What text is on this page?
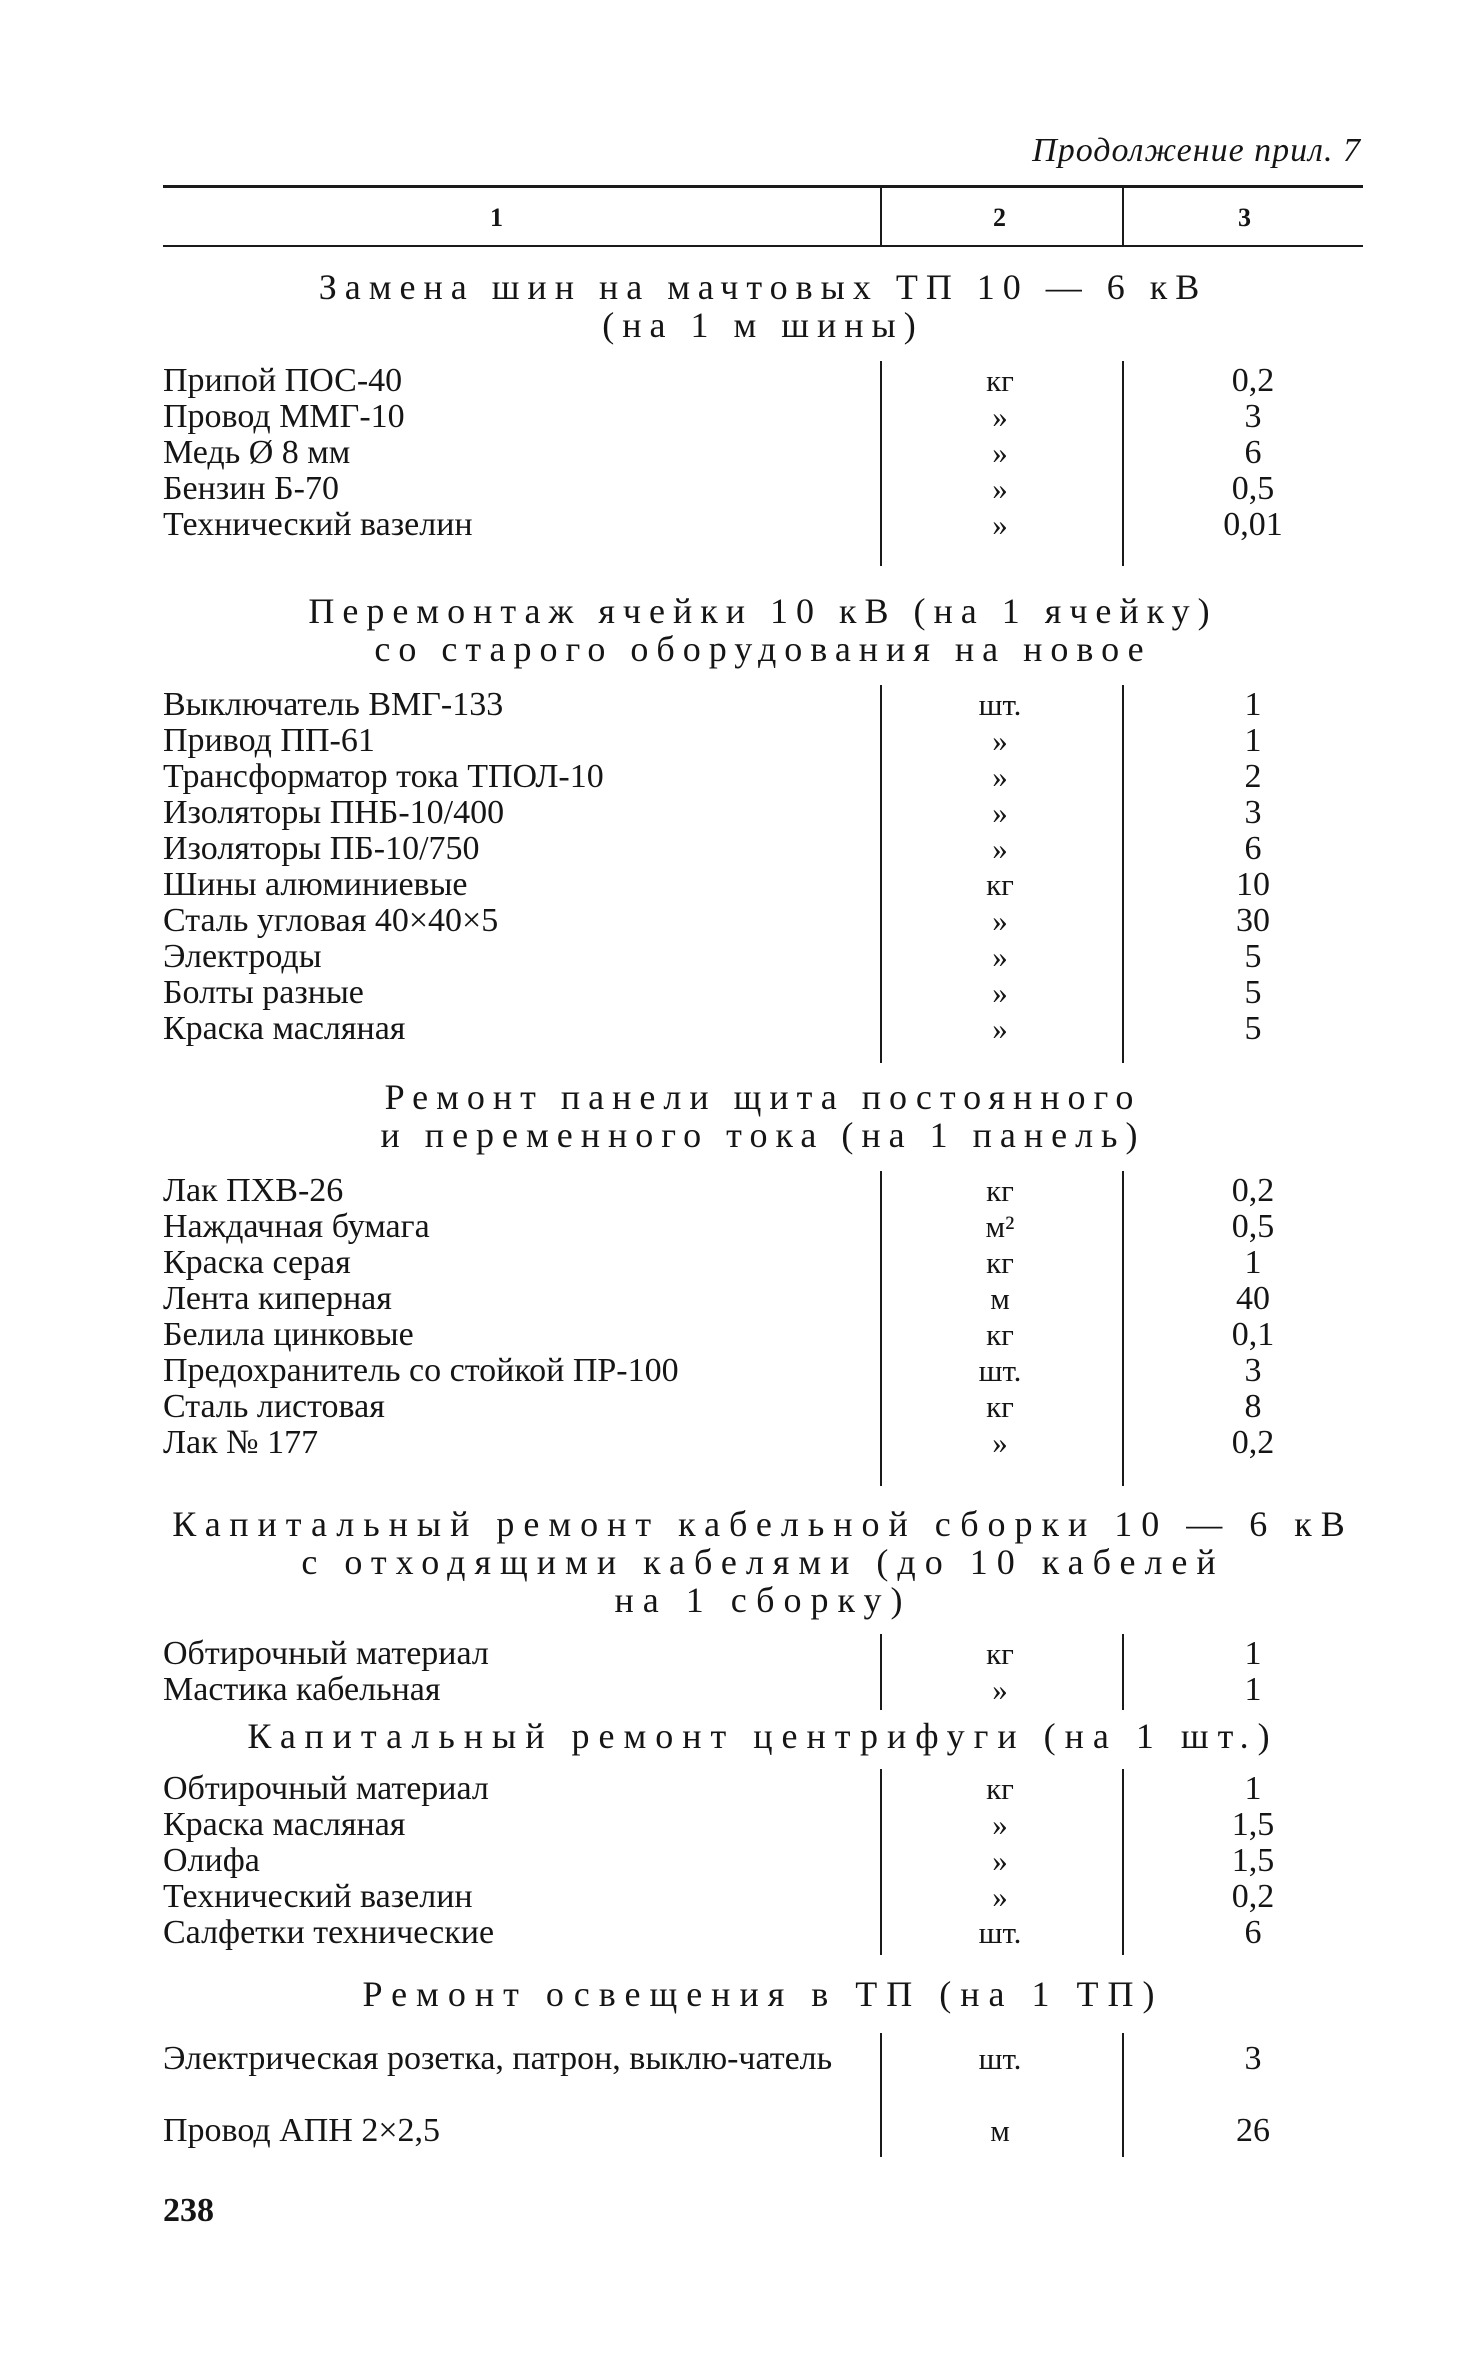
Продолжение прил. 7
1	2	3
Замена шин на мачтовых ТП 10 — 6 кВ
(на 1 м шины)
Припой ПОС-40	кг	0,2
Провод ММГ-10	»	3
Медь Ø 8 мм	»	6
Бензин Б-70	»	0,5
Технический вазелин	»	0,01
Перемонтаж ячейки 10 кВ (на 1 ячейку)
со старого оборудования на новое
Выключатель ВМГ-133	шт.	1
Привод ПП-61	»	1
Трансформатор тока ТПОЛ-10	»	2
Изоляторы ПНБ-10/400	»	3
Изоляторы ПБ-10/750	»	6
Шины алюминиевые	кг	10
Сталь угловая 40×40×5	»	30
Электроды	»	5
Болты разные	»	5
Краска масляная	»	5
Ремонт панели щита постоянного
и переменного тока (на 1 панель)
Лак ПХВ-26	кг	0,2
Наждачная бумага	м²	0,5
Краска серая	кг	1
Лента киперная	м	40
Белила цинковые	кг	0,1
Предохранитель со стойкой ПР-100	шт.	3
Сталь листовая	кг	8
Лак № 177	»	0,2
Капитальный ремонт кабельной сборки 10 — 6 кВ
с отходящими кабелями (до 10 кабелей
на 1 сборку)
Обтирочный материал	кг	1
Мастика кабельная	»	1
Капитальный ремонт центрифуги (на 1 шт.)
Обтирочный материал	кг	1
Краска масляная	»	1,5
Олифа	»	1,5
Технический вазелин	»	0,2
Салфетки технические	шт.	6
Ремонт освещения в ТП (на 1 ТП)
Электрическая розетка, патрон, выклю-чатель	шт.	3
Провод АПН 2×2,5	м	26
238
